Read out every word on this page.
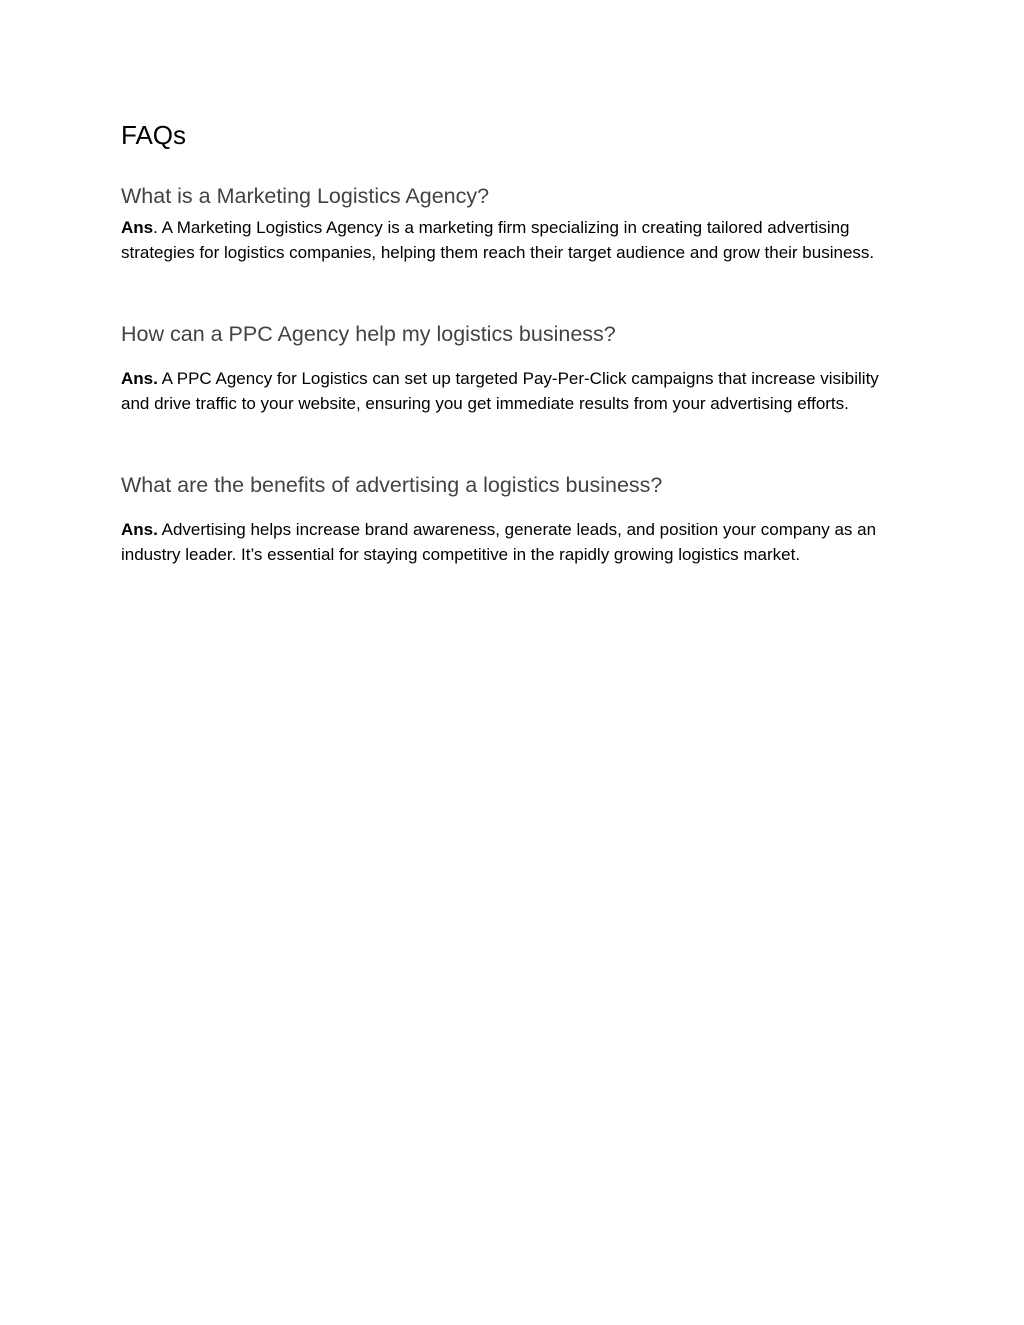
FAQs
What is a Marketing Logistics Agency?

Ans. A Marketing Logistics Agency is a marketing firm specializing in creating tailored advertising strategies for logistics companies, helping them reach their target audience and grow their business.

How can a PPC Agency help my logistics business?

Ans. A PPC Agency for Logistics can set up targeted Pay-Per-Click campaigns that increase visibility and drive traffic to your website, ensuring you get immediate results from your advertising efforts.

What are the benefits of advertising a logistics business?

Ans. Advertising helps increase brand awareness, generate leads, and position your company as an industry leader. It’s essential for staying competitive in the rapidly growing logistics market.
